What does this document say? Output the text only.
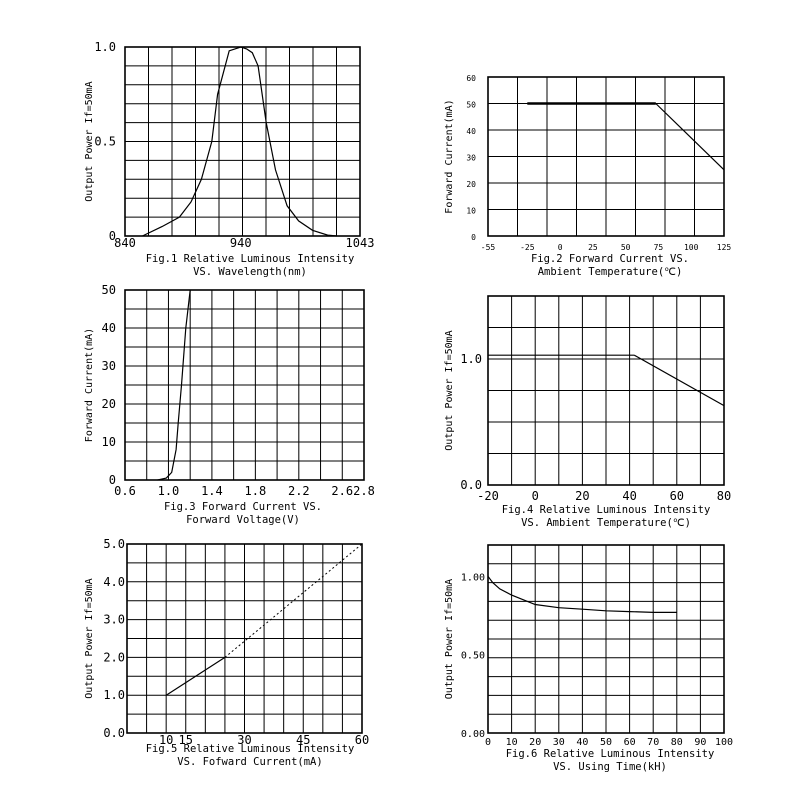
840	940	1043
0
0.5
1.0
Output Power If=50mA
Fig.1 Relative Luminous Intensity
VS. Wavelength(nm)
-55	-25	0	25	50	75	100 125
0
10
20
30
40
50
60
Forward Current(mA)
Fig.2 Forward Current VS.
Ambient Temperature(℃)
0.6 1.0 1.4 1.8 2.2 2.6 2.8
0
10
20
30
40
50
Forward Current(mA)
Fig.3 Forward Current VS.
Forward Voltage(V)
-20	0	20	40	60	80
0.0
1.0
Output Power If=50mA
Fig.4 Relative Luminous Intensity
VS. Ambient Temperature(℃)
10 15	30	45	60
0.0
1.0
2.0
3.0
4.0
5.0
Output Power If=50mA
Fig.5 Relative Luminous Intensity
VS. Fofward Current(mA)
0 10 20 30 40 50 60 70 80 90 100
0.00
0.50
1.00
Output Power If=50mA
Fig.6 Relative Luminous Intensity
VS. Using Time(kH)
